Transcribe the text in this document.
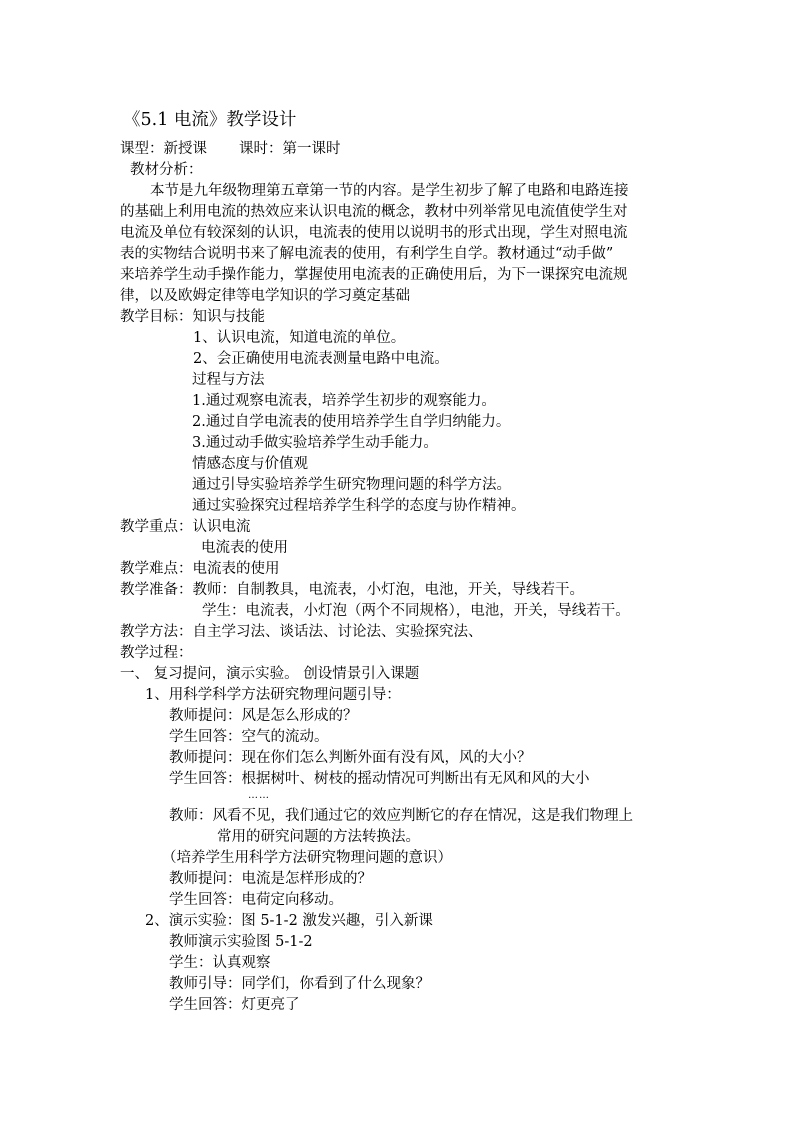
《5.1 电流》教学设计
课型：新授课 课时：第一课时
教材分析：
本节是九年级物理第五章第一节的内容。是学生初步了解了电路和电路连接
的基础上利用电流的热效应来认识电流的概念，教材中列举常见电流值使学生对
电流及单位有较深刻的认识，电流表的使用以说明书的形式出现，学生对照电流
表的实物结合说明书来了解电流表的使用，有利学生自学。教材通过“动手做”
来培养学生动手操作能力，掌握使用电流表的正确使用后，为下一课探究电流规
律，以及欧姆定律等电学知识的学习奠定基础
教学目标：知识与技能
1、认识电流，知道电流的单位。
2、会正确使用电流表测量电路中电流。
过程与方法
1.通过观察电流表，培养学生初步的观察能力。
2.通过自学电流表的使用培养学生自学归纳能力。
3.通过动手做实验培养学生动手能力。
情感态度与价值观
通过引导实验培养学生研究物理问题的科学方法。
通过实验探究过程培养学生科学的态度与协作精神。
教学重点：认识电流
电流表的使用
教学难点：电流表的使用
教学准备：教师：自制教具，电流表，小灯泡，电池，开关，导线若干。
学生：电流表，小灯泡（两个不同规格），电池，开关，导线若干。
教学方法：自主学习法、谈话法、讨论法、实验探究法、
教学过程：
一、 复习提问，演示实验。 创设情景引入课题
1、用科学科学方法研究物理问题引导：
教师提问：风是怎么形成的？
学生回答：空气的流动。
教师提问：现在你们怎么判断外面有没有风，风的大小？
学生回答：根据树叶、树枝的摇动情况可判断出有无风和风的大小
……
教师：风看不见，我们通过它的效应判断它的存在情况，这是我们物理上
常用的研究问题的方法转换法。
（培养学生用科学方法研究物理问题的意识）
教师提问：电流是怎样形成的？
学生回答：电荷定向移动。
2、演示实验：图 5-1-2 激发兴趣，引入新课
教师演示实验图 5-1-2
学生：认真观察
教师引导：同学们，你看到了什么现象？
学生回答：灯更亮了
